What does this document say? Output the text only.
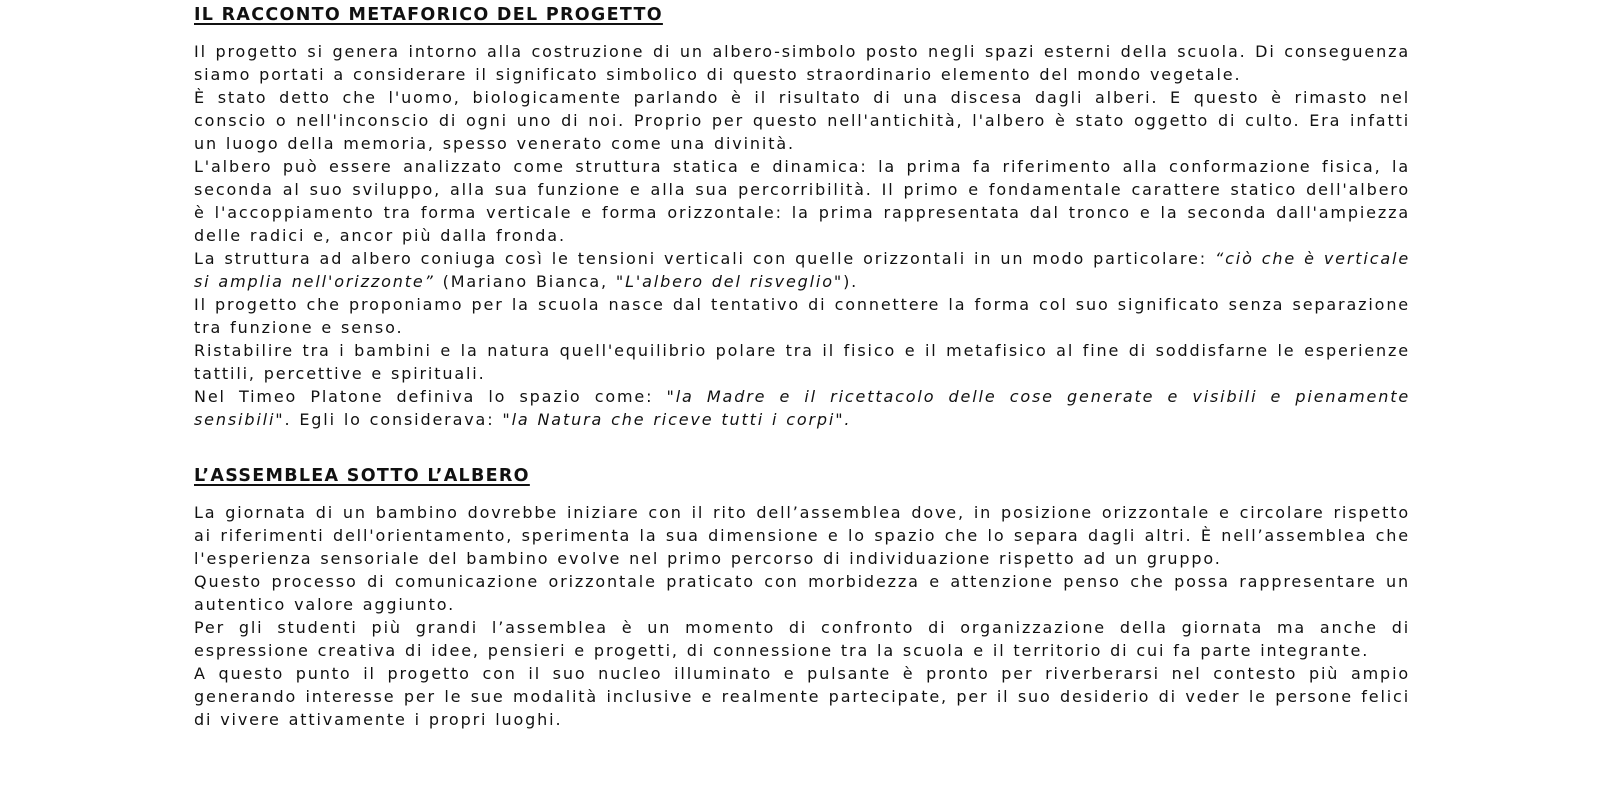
IL RACCONTO METAFORICO DEL PROGETTO

Il progetto si genera intorno alla costruzione di un albero-simbolo posto negli spazi esterni della scuola. Di conseguenza siamo portati a considerare il significato simbolico di questo straordinario elemento del mondo vegetale.

È stato detto che l'uomo, biologicamente parlando è il risultato di una discesa dagli alberi. E questo è rimasto nel conscio o nell'inconscio di ogni uno di noi. Proprio per questo nell'antichità, l'albero è stato oggetto di culto. Era infatti un luogo della memoria, spesso venerato come una divinità.

L'albero può essere analizzato come struttura statica e dinamica: la prima fa riferimento alla conformazione fisica, la seconda al suo sviluppo, alla sua funzione e alla sua percorribilità. Il primo e fondamentale carattere statico dell'albero è l'accoppiamento tra forma verticale e forma orizzontale: la prima rappresentata dal tronco e la seconda dall'ampiezza delle radici e, ancor più dalla fronda.

La struttura ad albero coniuga così le tensioni verticali con quelle orizzontali in un modo particolare: “ciò che è verticale si amplia nell'orizzonte” (Mariano Bianca, "L'albero del risveglio").

Il progetto che proponiamo per la scuola nasce dal tentativo di connettere la forma col suo significato senza separazione tra funzione e senso.

Ristabilire tra i bambini e la natura quell'equilibrio polare tra il fisico e il metafisico al fine di soddisfarne le esperienze tattili, percettive e spirituali.

Nel Timeo Platone definiva lo spazio come: "la Madre e il ricettacolo delle cose generate e visibili e pienamente sensibili". Egli lo considerava: "la Natura che riceve tutti i corpi".

L’ASSEMBLEA SOTTO L’ALBERO

La giornata di un bambino dovrebbe iniziare con il rito dell’assemblea dove, in posizione orizzontale e circolare rispetto ai riferimenti dell'orientamento, sperimenta la sua dimensione e lo spazio che lo separa dagli altri. È nell’assemblea che l'esperienza sensoriale del bambino evolve nel primo percorso di individuazione rispetto ad un gruppo.

Questo processo di comunicazione orizzontale praticato con morbidezza e attenzione penso che possa rappresentare un autentico valore aggiunto.

Per gli studenti più grandi l’assemblea è un momento di confronto di organizzazione della giornata ma anche di espressione creativa di idee, pensieri e progetti, di connessione tra la scuola e il territorio di cui fa parte integrante.

A questo punto il progetto con il suo nucleo illuminato e pulsante è pronto per riverberarsi nel contesto più ampio generando interesse per le sue modalità inclusive e realmente partecipate, per il suo desiderio di veder le persone felici di vivere attivamente i propri luoghi.
